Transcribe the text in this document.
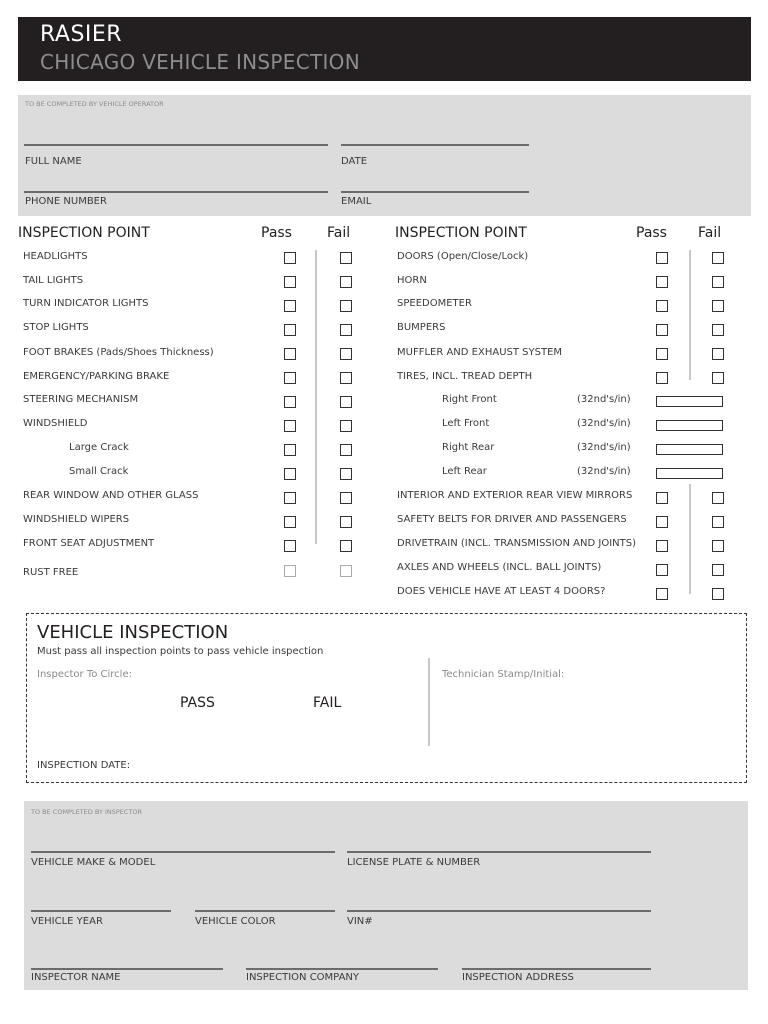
RASIER
CHICAGO VEHICLE INSPECTION
TO BE COMPLETED BY VEHICLE OPERATOR
FULL NAME	DATE
PHONE NUMBER	EMAIL
INSPECTION POINT	Pass	Fail	INSPECTION POINT	Pass Fail
HEADLIGHTS
TAIL LIGHTS
TURN INDICATOR LIGHTS
STOP LIGHTS
FOOT BRAKES (Pads/Shoes Thickness)
EMERGENCY/PARKING BRAKE
STEERING MECHANISM
WINDSHIELD
Large Crack
Small Crack
REAR WINDOW AND OTHER GLASS
WINDSHIELD WIPERS
FRONT SEAT ADJUSTMENT
RUST FREE
DOORS (Open/Close/Lock)
HORN
SPEEDOMETER
BUMPERS
MUFFLER AND EXHAUST SYSTEM
TIRES, INCL. TREAD DEPTH
Right Front	(32nd's/in)
Left Front	(32nd's/in)
Right Rear	(32nd's/in)
Left Rear	(32nd's/in)
INTERIOR AND EXTERIOR REAR VIEW MIRRORS
SAFETY BELTS FOR DRIVER AND PASSENGERS
DRIVETRAIN (INCL. TRANSMISSION AND JOINTS)
AXLES AND WHEELS (INCL. BALL JOINTS)
DOES VEHICLE HAVE AT LEAST 4 DOORS?
VEHICLE INSPECTION
Must pass all inspection points to pass vehicle inspection
Inspector To Circle:
PASS	FAIL
Technician Stamp/Initial:
INSPECTION DATE:
TO BE COMPLETED BY INSPECTOR
VEHICLE MAKE & MODEL	LICENSE PLATE & NUMBER
VEHICLE YEAR	VEHICLE COLOR	VIN#
INSPECTOR NAME	INSPECTION COMPANY	INSPECTION ADDRESS
